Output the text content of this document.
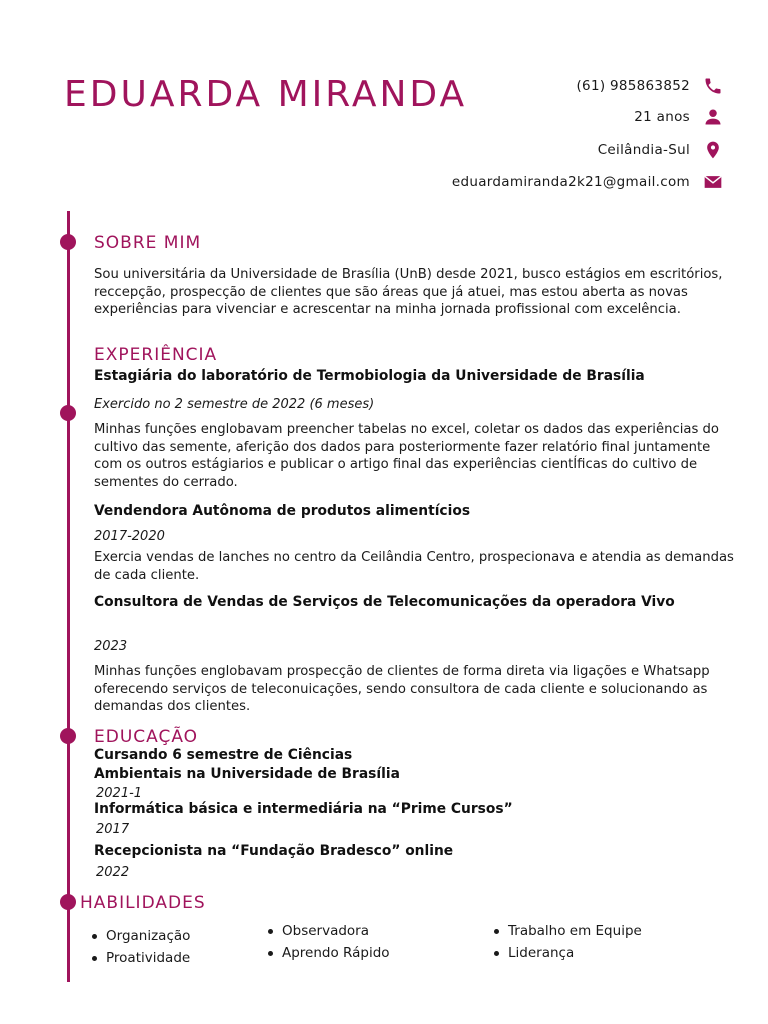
EDUARDA MIRANDA	(61) 985863852
21 anos
Ceilândia-Sul
eduardamiranda2k21@gmail.com
SOBRE MIM
Sou universitária da Universidade de Brasília (UnB) desde 2021, busco estágios em escritórios, reccepção, prospecção de clientes que são áreas que já atuei, mas estou aberta as novas experiências para vivenciar e acrescentar na minha jornada profissional com excelência.
EXPERIÊNCIA
Estagiária do laboratório de Termobiologia da Universidade de Brasília
Exercido no 2 semestre de 2022 (6 meses)
Minhas funções englobavam preencher tabelas no excel, coletar os dados das experiências do cultivo das semente, aferição dos dados para posteriormente fazer relatório final juntamente com os outros estágiarios e publicar o artigo final das experiências cientÍficas do cultivo de sementes do cerrado.
Vendendora Autônoma de produtos alimentícios
2017-2020
Exercia vendas de lanches no centro da Ceilândia Centro, prospecionava e atendia as demandas de cada cliente.
Consultora de Vendas de Serviços de Telecomunicações da operadora Vivo
2023
Minhas funções englobavam prospecção de clientes de forma direta via ligações e Whatsapp oferecendo serviços de teleconuicações, sendo consultora de cada cliente e solucionando as demandas dos clientes.
EDUCAÇÃO
Cursando 6 semestre de Ciências
Ambientais na Universidade de Brasília
2021-1
Informática básica e intermediária na “Prime Cursos”
2017
Recepcionista na “Fundação Bradesco” online
2022
HABILIDADES
Organização
Proatividade
Observadora
Aprendo Rápido
Trabalho em Equipe
Liderança
